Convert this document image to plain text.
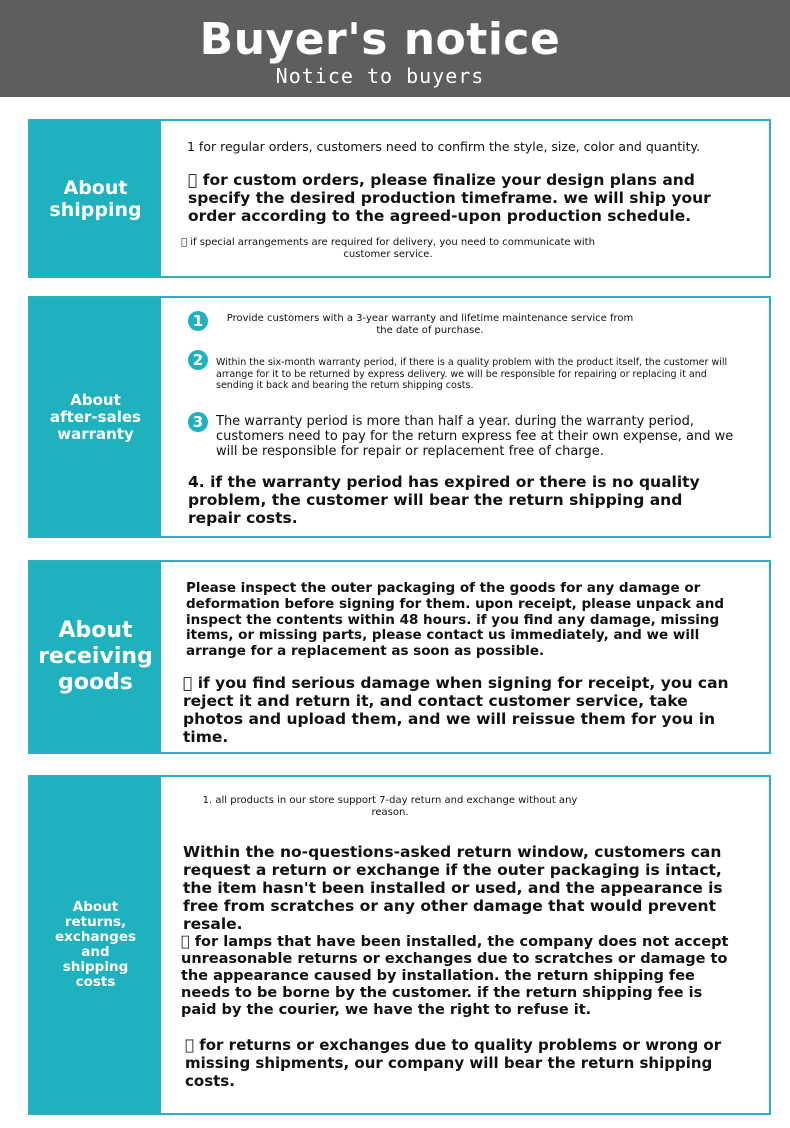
Buyer's notice
Notice to buyers
About
shipping
1 for regular orders, customers need to confirm the style, size, color and quantity.
  for custom orders, please finalize your design plans and specify the desired production timeframe. we will ship your order according to the agreed-upon production schedule.
  if special arrangements are required for delivery, you need to communicate with customer service.
About
after-sales
warranty
1	Provide customers with a 3-year warranty and lifetime maintenance service from the date of purchase.
2	Within the six-month warranty period, if there is a quality problem with the product itself, the customer will arrange for it to be returned by express delivery. we will be responsible for repairing or replacing it and sending it back and bearing the return shipping costs.
3 The warranty period is more than half a year. during the warranty period, customers need to pay for the return express fee at their own expense, and we will be responsible for repair or replacement free of charge.
4. if the warranty period has expired or there is no quality problem, the customer will bear the return shipping and repair costs.
About
receiving
goods
Please inspect the outer packaging of the goods for any damage or deformation before signing for them. upon receipt, please unpack and inspect the contents within 48 hours. if you find any damage, missing items, or missing parts, please contact us immediately, and we will arrange for a replacement as soon as possible.
  if you find serious damage when signing for receipt, you can reject it and return it, and contact customer service, take photos and upload them, and we will reissue them for you in time.
About
returns,
exchanges
and
shipping
costs
1. all products in our store support 7-day return and exchange without any reason.
Within the no-questions-asked return window, customers can request a return or exchange if the outer packaging is intact, the item hasn't been installed or used, and the appearance is free from scratches or any other damage that would prevent resale.
  for lamps that have been installed, the company does not accept unreasonable returns or exchanges due to scratches or damage to the appearance caused by installation. the return shipping fee needs to be borne by the customer. if the return shipping fee is paid by the courier, we have the right to refuse it.
  for returns or exchanges due to quality problems or wrong or missing shipments, our company will bear the return shipping costs.
